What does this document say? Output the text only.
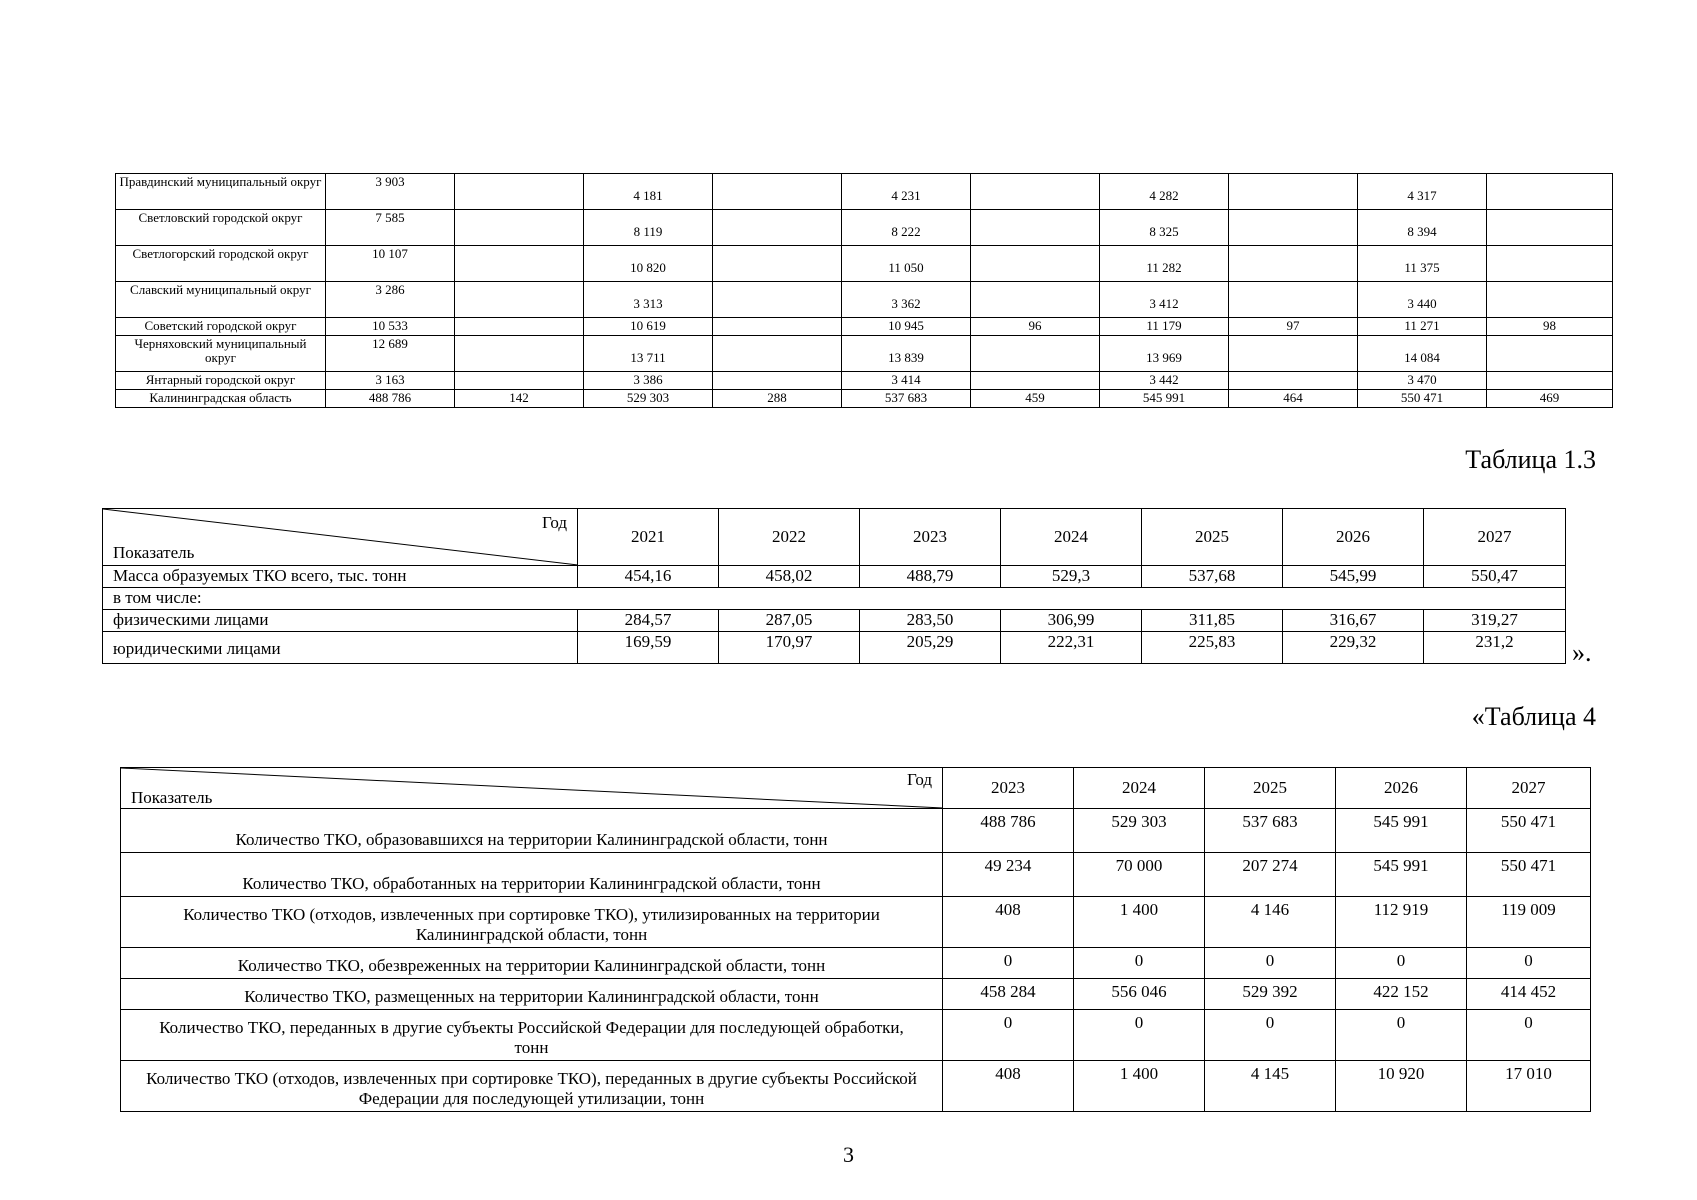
Правдинский муниципальный округ	3 903		4 181		4 231		4 282		4 317	
Светловский городской округ	7 585		8 119		8 222		8 325		8 394	
Светлогорский городской округ	10 107		10 820		11 050		11 282		11 375	
Славский муниципальный округ	3 286		3 313		3 362		3 412		3 440	
Советский городской округ	10 533		10 619		10 945	96	11 179	97	11 271	98
Черняховский муниципальный округ	12 689		13 711		13 839		13 969		14 084	
Янтарный городской округ	3 163		3 386		3 414		3 442		3 470	
Калининградская область	488 786	142	529 303	288	537 683	459	545 991	464	550 471	469
Таблица 1.3
Год
Показатель	2021	2022	2023	2024	2025	2026	2027
Масса образуемых ТКО всего, тыс. тонн	454,16	458,02	488,79	529,3	537,68	545,99	550,47
в том числе:							
физическими лицами	284,57	287,05	283,50	306,99	311,85	316,67	319,27
юридическими лицами	169,59	170,97	205,29	222,31	225,83	229,32	231,2 ».
«Таблица 4
Год
Показатель	2023	2024	2025	2026	2027
Количество ТКО, образовавшихся на территории Калининградской области, тонн	488 786	529 303	537 683	545 991	550 471
Количество ТКО, обработанных на территории Калининградской области, тонн	49 234	70 000	207 274	545 991	550 471
Количество ТКО (отходов, извлеченных при сортировке ТКО), утилизированных на территории Калининградской области, тонн	408	1 400	4 146	112 919	119 009
Количество ТКО, обезвреженных на территории Калининградской области, тонн	0	0	0	0	0
Количество ТКО, размещенных на территории Калининградской области, тонн	458 284	556 046	529 392	422 152	414 452
Количество ТКО, переданных в другие субъекты Российской Федерации для последующей обработки, тонн	0	0	0	0	0
Количество ТКО (отходов, извлеченных при сортировке ТКО), переданных в другие субъекты Российской Федерации для последующей утилизации, тонн	408	1 400	4 145	10 920	17 010
3
